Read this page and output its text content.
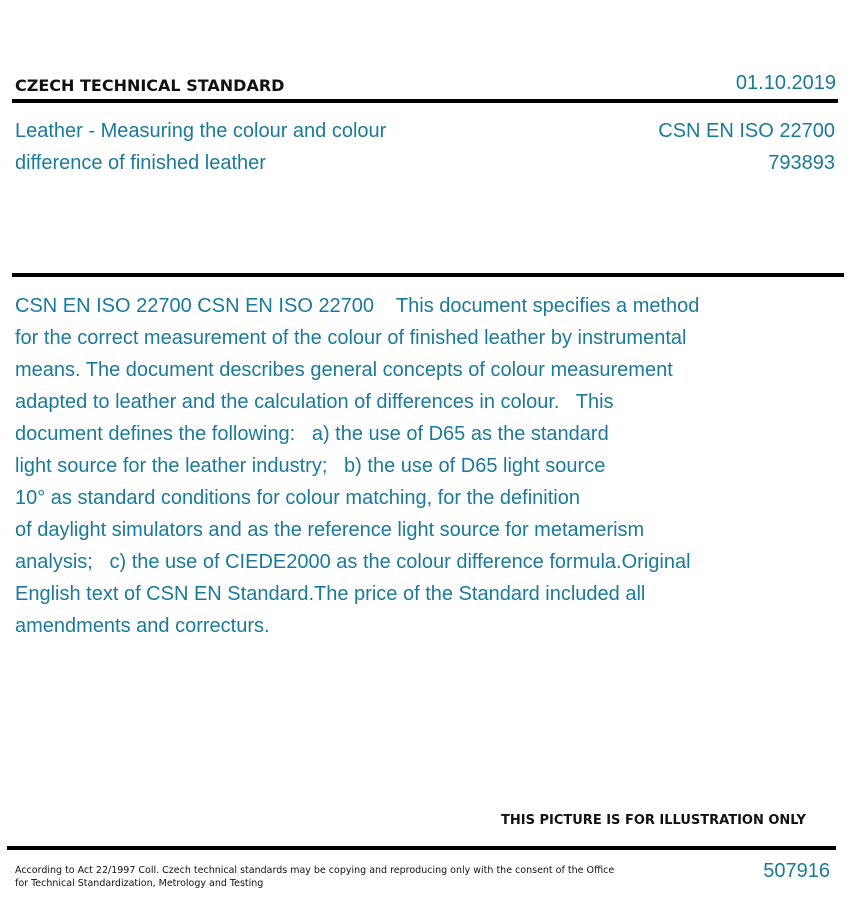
CZECH TECHNICAL STANDARD	01.10.2019
Leather - Measuring the colour and colour
difference of finished leather
CSN EN ISO 22700
793893
CSN EN ISO 22700 CSN EN ISO 22700    This document specifies a method
for the correct measurement of the colour of finished leather by instrumental
means. The document describes general concepts of colour measurement
adapted to leather and the calculation of differences in colour.   This
document defines the following:   a) the use of D65 as the standard
light source for the leather industry;   b) the use of D65 light source
10° as standard conditions for colour matching, for the definition
of daylight simulators and as the reference light source for metamerism
analysis;   c) the use of CIEDE2000 as the colour difference formula.Original
English text of CSN EN Standard.The price of the Standard included all
amendments and correcturs.
THIS PICTURE IS FOR ILLUSTRATION ONLY
According to Act 22/1997 Coll. Czech technical standards may be copying and reproducing only with the consent of the Office
for Technical Standardization, Metrology and Testing
507916
